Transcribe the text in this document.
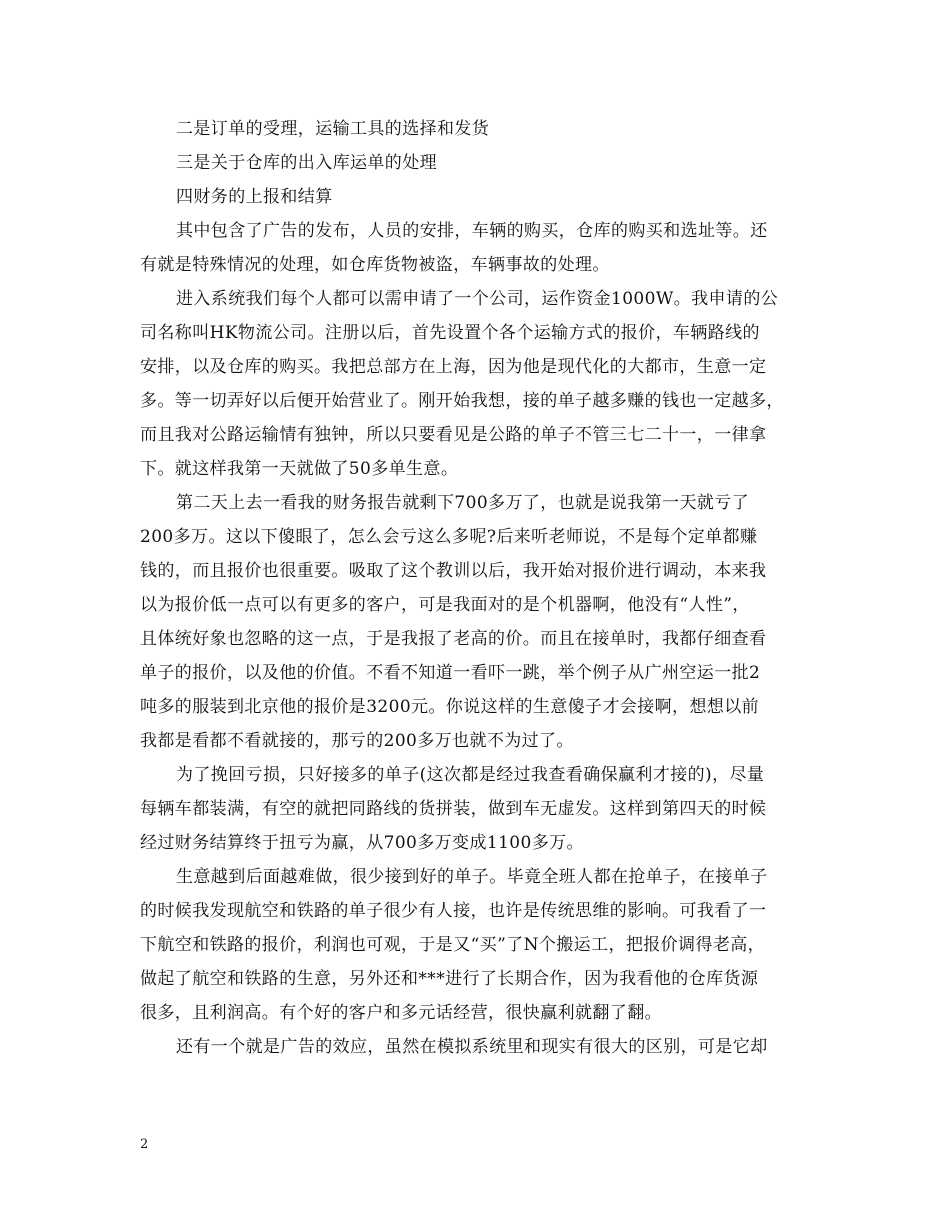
二是订单的受理，运输工具的选择和发货
三是关于仓库的出入库运单的处理
四财务的上报和结算
其中包含了广告的发布，人员的安排，车辆的购买，仓库的购买和选址等。还
有就是特殊情况的处理，如仓库货物被盗，车辆事故的处理。
进入系统我们每个人都可以需申请了一个公司，运作资金1000W。我申请的公
司名称叫HK物流公司。注册以后，首先设置个各个运输方式的报价，车辆路线的
安排，以及仓库的购买。我把总部方在上海，因为他是现代化的大都市，生意一定
多。等一切弄好以后便开始营业了。刚开始我想，接的单子越多赚的钱也一定越多，
而且我对公路运输情有独钟，所以只要看见是公路的单子不管三七二十一，一律拿
下。就这样我第一天就做了50多单生意。
第二天上去一看我的财务报告就剩下700多万了，也就是说我第一天就亏了
200多万。这以下傻眼了，怎么会亏这么多呢?后来听老师说，不是每个定单都赚
钱的，而且报价也很重要。吸取了这个教训以后，我开始对报价进行调动，本来我
以为报价低一点可以有更多的客户，可是我面对的是个机器啊，他没有“人性”，
且体统好象也忽略的这一点，于是我报了老高的价。而且在接单时，我都仔细查看
单子的报价，以及他的价值。不看不知道一看吓一跳，举个例子从广州空运一批2
吨多的服装到北京他的报价是3200元。你说这样的生意傻子才会接啊，想想以前
我都是看都不看就接的，那亏的200多万也就不为过了。
为了挽回亏损，只好接多的单子(这次都是经过我查看确保赢利才接的)，尽量
每辆车都装满，有空的就把同路线的货拼装，做到车无虚发。这样到第四天的时候
经过财务结算终于扭亏为赢，从700多万变成1100多万。
生意越到后面越难做，很少接到好的单子。毕竟全班人都在抢单子，在接单子
的时候我发现航空和铁路的单子很少有人接，也许是传统思维的影响。可我看了一
下航空和铁路的报价，利润也可观，于是又“买”了N个搬运工，把报价调得老高，
做起了航空和铁路的生意，另外还和***进行了长期合作，因为我看他的仓库货源
很多，且利润高。有个好的客户和多元话经营，很快赢利就翻了翻。
还有一个就是广告的效应，虽然在模拟系统里和现实有很大的区别，可是它却
2
